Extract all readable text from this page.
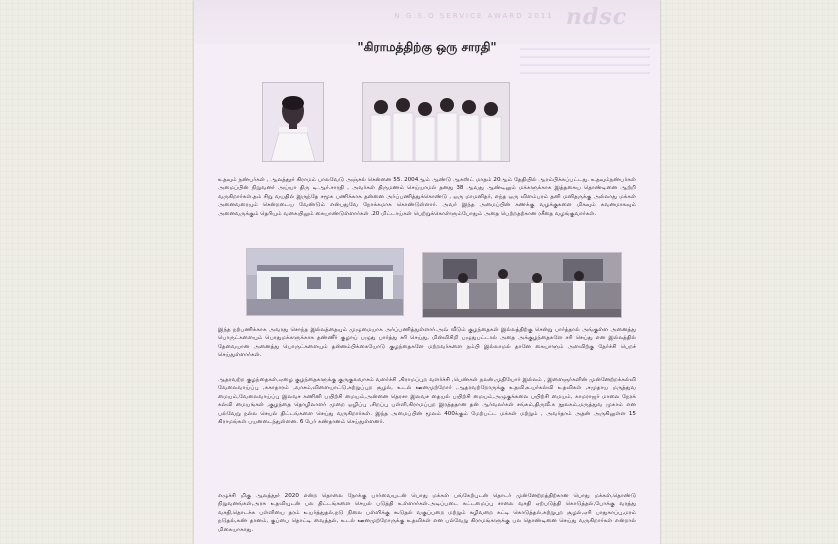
N.G.S.O SERVICE AWARD 2011 ndsc
"கிராமத்திற்கு ஒரு சாரதி"
உதவும் நண்பர்கள் , ஆலத்தூர் கிராமம் பாலவேடு அஞ்சல் சென்னை 55. 2004ஆம் ஆண்டு ஆகஸ்ட் மாதம் 20ஆம் தேதியில் ஆரம்பிக்கப்பட்டது. உதவும்நண்பர்கள் அமைப்பின் நிறுவனர் அய்யா திரு டி.ஆர்.சாரதி , அவர்கள் திருமணம் செய்யாமல் தனது 38 ஆவது ஆண்டிலும் மக்களுக்காக இத்தகைய தொண்டினை ஆற்றி வருகிறார்கள்.தம் சிறு வயதில் இருந்தே சமூக பணிக்காக தன்னை அர்ப்பணித்துக்கொண்டு , ஒரு மாமனிதர், எந்த ஒரு விளம்பரம் தனி மனிதருக்கு அல்லாது மக்கள் அனைவரையும் சென்றடைய வேண்டும் என்பதுவே நோக்கமாக கொண்டுள்ளார். அவர் இந்த அமைப்பின் கணக்கு வழக்குகளை மிகவும் கவனமாகவும் அனைவருக்கும் தெரியும் வகையிலும் கையாண்டுள்ளார்கள் .20 மிட்டாய்கள் பெற்றுக்கொள்ளும்போதும் அதை பெற்றதற்கான ரசீதை வழங்குவார்கள்.
இந்த நற்பணிக்காக அவரது சொந்த இல்லத்தையும் முழுமையாக அர்ப்பணித்துள்ளார்.அவ் வீடும் குழந்தைகள் இல்லத்திற்கு சென்று பார்த்தால் அங்குள்ள அனைத்து பொருட்களையும் பொதுமக்களுக்காக தண்ணீர் குழாய் பழுது பார்த்து சரி செய்து, மின்விசிறி பழுதுபட்டால் அதை அக்குழந்தைகளே சரி செய்து என இல்லத்தில் தேவையான அனைத்து பொருட்களையும் தன்னம்பிக்கையோடு குழந்தைகளே மற்றவர்களை நம்பி இல்லாமல் தானே கையாளும் அளவிற்கு தேர்ச்சி பெறச் செய்துள்ளார்கள்.
ஆதரவற்ற குழந்தைகள்,ஏழை குழந்தைகளுக்கு குருகுலவாசம் வளர்ச்சி ,கிராமப்புற வளர்ச்சி ,பெண்கள் நலன்,முதியோர் இல்லம் , இளைஞர்களின் முன்னேற்றக்கல்வி வேலைவாய்ப்பு ,சுகாதாரம் ,வாசம்,விளையாட்டு,சுற்றுப்புற சூழல், உடல் ஊனமுற்றோர் ,ஆதரவற்றோருக்கு உதவி,உயர்கல்வி உதவிகள் ,சமுதாய மருத்துவ மையம்,வேலைவாய்ப்பு இலவச கணினி பயிற்சி மையம்,அன்னை தெரசா இலவச தையல் பயிற்சி மையம்,அழுகுக்கலை பயிற்சி மையம், காமராஜர் மாலை நேரக் கல்வி மையங்கள் ,குழந்தை தொழிலாளர் முறை ஒழிப்பு ,சிறப்பு பள்ளி,கிராமப்புற இரத்ததான தன் ஆர்வலர்கள் சங்கம்,திருவீ.க நூலகம்,மருத்துவ முகாம் என பல்வேறு நல்ல செயல் திட்டங்களை செய்து வருகிறார்கள். இந்த அமைப்பின் மூலம் 400க்கும் மேற்பட்ட மக்கள் மற்றும் , அவர்தாம் அதன் அருகிலுள்ள 15 கிராமங்கள் பயனடைந்துள்ளன. 6 பேர் கண்தானம் செய்துள்ளனர்.
எழுச்சி மிகு ஆலத்தூர் 2020 என்ற தொலை நோக்கு பார்வையுடன் பொது மக்கள் பங்கேற்புடன் தொடர் முன்னேற்றத்திற்கான பொது மக்கள்,தொண்டு நிறுவனங்கள்,அரசு உதவியுடன் பல திட்டங்களை செயல் படுத்தி உள்ளார்கள்.அடிப்படை கட்டமைப்பு சாலை வசதி ஏற்படுத்தி கொடுத்தல்,போக்கு வரத்து வசதி,தொடக்க பள்ளியை தரம் உயர்த்துதல்,நடு நிலை பள்ளிக்கு கூடுதல் வகுப்பறை மற்றும் கழிவறை கட்டி கொடுத்தல்,சுற்றுபுற சூழல்,ஏரி பாதுகாப்பு,மரம் நடுதல்,கண் தானம், குப்பை தொட்டி வைத்தல், உடல் ஊனமுற்றோருக்கு உதவிகள் என பல்வேறு கிராமங்களுக்கு பல தொண்டினை செய்து வருகிறார்கள் என்றால் மிகையாகாது.
